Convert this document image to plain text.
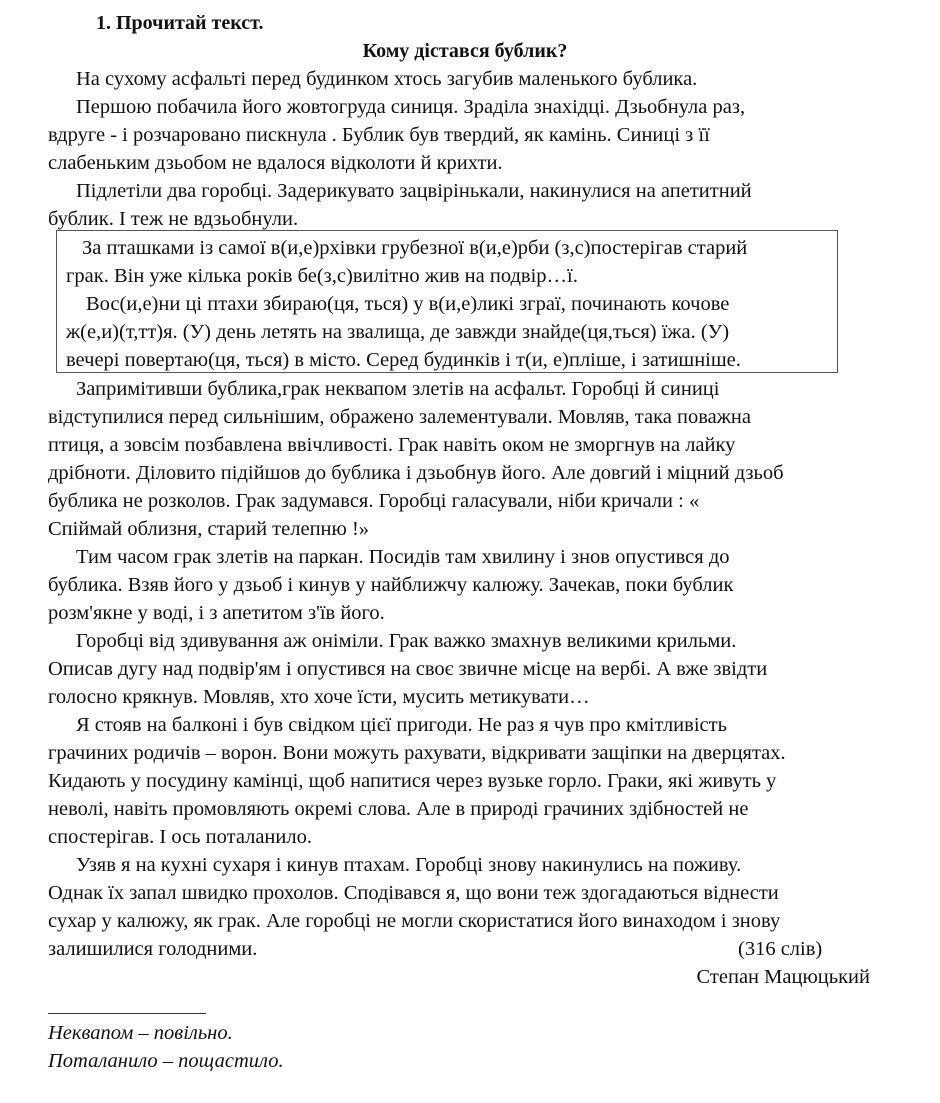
1. Прочитай текст.
Кому дістався бублик?
На сухому асфальті перед будинком хтось загубив маленького бублика.
Першою побачила його жовтогруда синиця. Зраділа знахідці. Дзьобнула раз,
вдруге - і розчаровано пискнула . Бублик був твердий, як камінь. Синиці з її
слабеньким дзьобом не вдалося відколоти й крихти.
Підлетіли два горобці. Задерикувато зацвірінькали, накинулися на апетитний
бублик. І теж не вдзьобнули.
За пташками із самої в(и,е)рхівки грубезної в(и,е)рби (з,с)постерігав старий
грак. Він уже кілька років бе(з,с)вилітно жив на подвір…ї.
Вос(и,е)ни ці птахи збираю(ця, ться) у в(и,е)ликі зграї, починають кочове
ж(е,и)(т,тт)я. (У) день летять на звалища, де завжди знайде(ця,ться) їжа. (У)
вечері повертаю(ця, ться) в місто. Серед будинків і т(и, е)пліше, і затишніше.
Запримітивши бублика,грак неквапом злетів на асфальт. Горобці й синиці
відступилися перед сильнішим, ображено залементували. Мовляв, така поважна
птиця, а зовсім позбавлена ввічливості. Грак навіть оком не зморгнув на лайку
дрібноти. Діловито підійшов до бублика і дзьобнув його. Але довгий і міцний дзьоб
бублика не розколов. Грак задумався. Горобці галасували, ніби кричали : «
Спіймай облизня, старий телепню !»
Тим часом грак злетів на паркан. Посидів там хвилину і знов опустився до
бублика. Взяв його у дзьоб і кинув у найближчу калюжу. Зачекав, поки бублик
розм'якне у воді, і з апетитом з'їв його.
Горобці від здивування аж оніміли. Грак важко змахнув великими крильми.
Описав дугу над подвір'ям і опустився на своє звичне місце на вербі. А вже звідти
голосно крякнув. Мовляв, хто хоче їсти, мусить метикувати…
Я стояв на балконі і був свідком цієї пригоди. Не раз я чув про кмітливість
грачиних родичів – ворон. Вони можуть рахувати, відкривати защіпки на дверцятах.
Кидають у посудину камінці, щоб напитися через вузьке горло. Граки, які живуть у
неволі, навіть промовляють окремі слова. Але в природі грачиних здібностей не
спостерігав. І ось поталанило.
Узяв я на кухні сухаря і кинув птахам. Горобці знову накинулись на поживу.
Однак їх запал швидко прохолов. Сподівався я, що вони теж здогадаються віднести
сухар у калюжу, як грак. Але горобці не могли скористатися його винаходом і знову
залишилися голодними.	(316 слів)
Степан Мацюцький
Неквапом – повільно.
Поталанило – пощастило.
